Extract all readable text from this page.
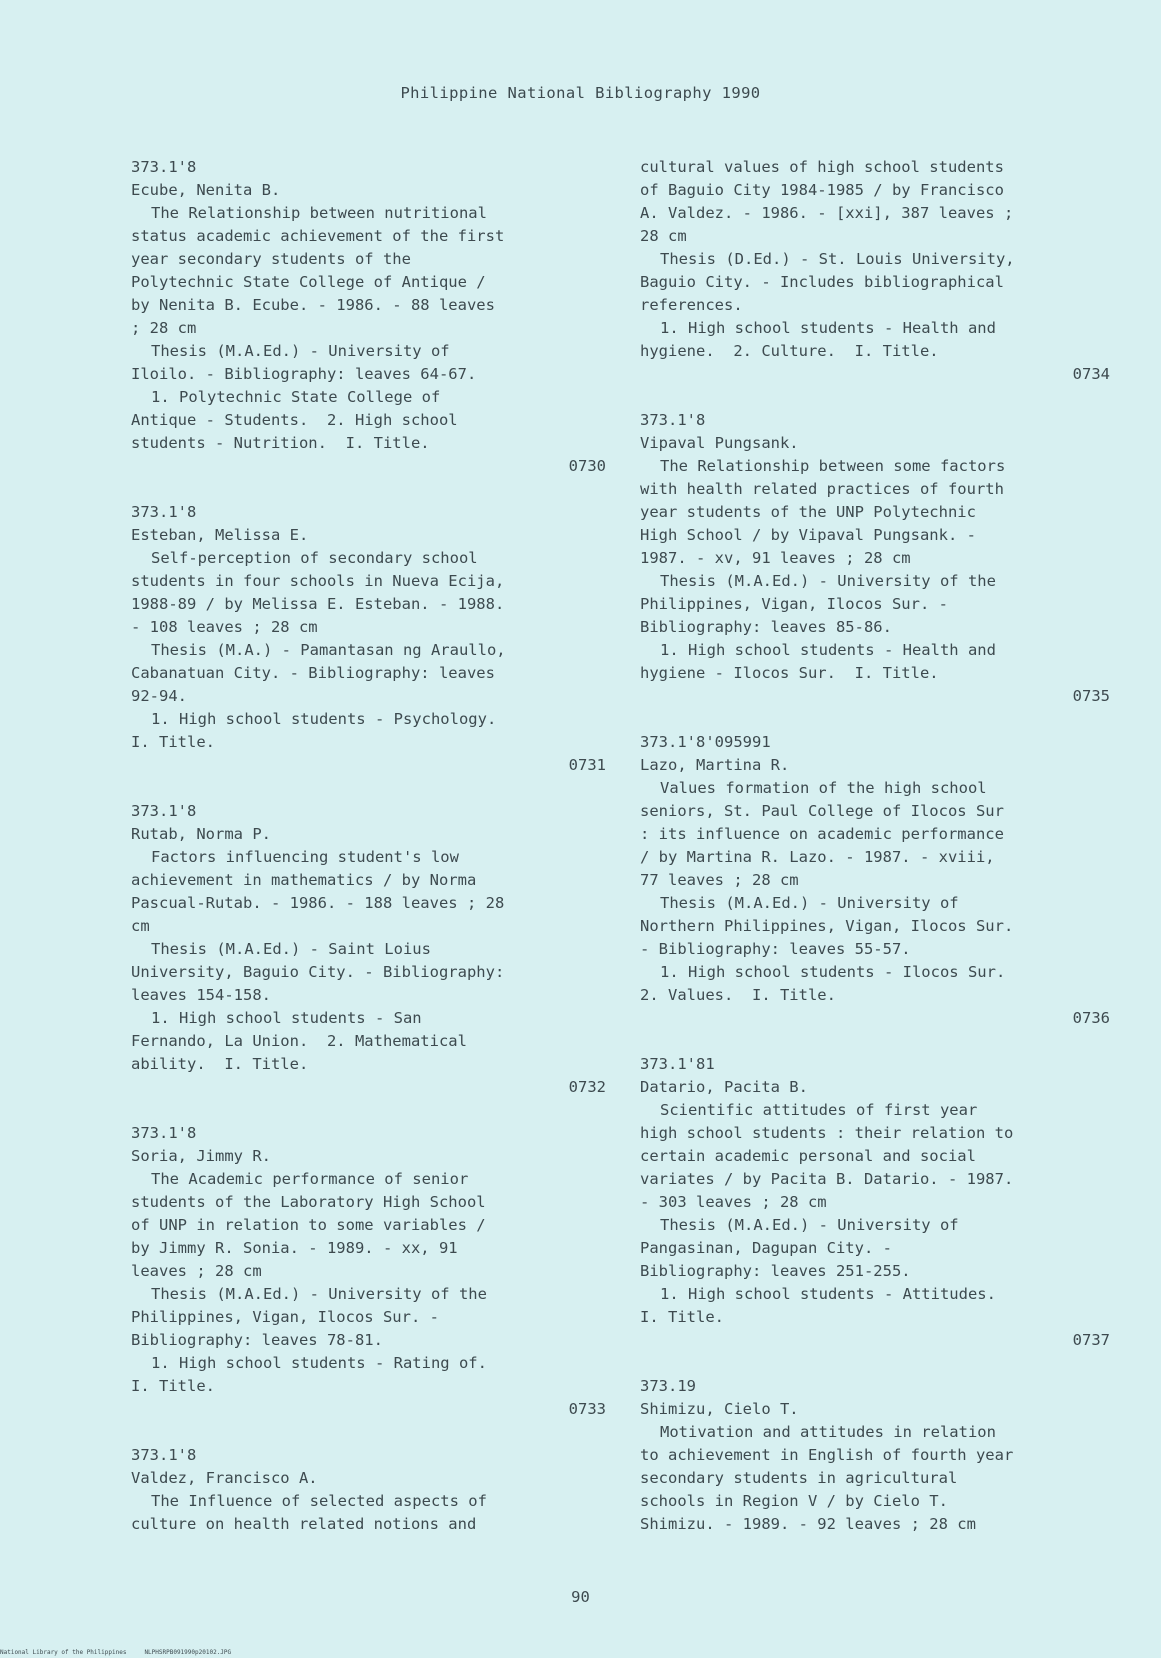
Philippine National Bibliography 1990
373.1'8
Ecube, Nenita B.
The Relationship between nutritional
status academic achievement of the first
year secondary students of the
Polytechnic State College of Antique /
by Nenita B. Ecube. - 1986. - 88 leaves
; 28 cm
Thesis (M.A.Ed.) - University of
Iloilo. - Bibliography: leaves 64-67.
1. Polytechnic State College of
Antique - Students.  2. High school
students - Nutrition.  I. Title.
0730
373.1'8
Esteban, Melissa E.
Self-perception of secondary school
students in four schools in Nueva Ecija,
1988-89 / by Melissa E. Esteban. - 1988.
- 108 leaves ; 28 cm
Thesis (M.A.) - Pamantasan ng Araullo,
Cabanatuan City. - Bibliography: leaves
92-94.
1. High school students - Psychology.
I. Title.
0731
373.1'8
Rutab, Norma P.
Factors influencing student's low
achievement in mathematics / by Norma
Pascual-Rutab. - 1986. - 188 leaves ; 28
cm
Thesis (M.A.Ed.) - Saint Loius
University, Baguio City. - Bibliography:
leaves 154-158.
1. High school students - San
Fernando, La Union.  2. Mathematical
ability.  I. Title.
0732
373.1'8
Soria, Jimmy R.
The Academic performance of senior
students of the Laboratory High School
of UNP in relation to some variables /
by Jimmy R. Sonia. - 1989. - xx, 91
leaves ; 28 cm
Thesis (M.A.Ed.) - University of the
Philippines, Vigan, Ilocos Sur. -
Bibliography: leaves 78-81.
1. High school students - Rating of.
I. Title.
0733
373.1'8
Valdez, Francisco A.
The Influence of selected aspects of
culture on health related notions and
cultural values of high school students
of Baguio City 1984-1985 / by Francisco
A. Valdez. - 1986. - [xxi], 387 leaves ;
28 cm
Thesis (D.Ed.) - St. Louis University,
Baguio City. - Includes bibliographical
references.
1. High school students - Health and
hygiene.  2. Culture.  I. Title.
0734
373.1'8
Vipaval Pungsank.
The Relationship between some factors
with health related practices of fourth
year students of the UNP Polytechnic
High School / by Vipaval Pungsank. -
1987. - xv, 91 leaves ; 28 cm
Thesis (M.A.Ed.) - University of the
Philippines, Vigan, Ilocos Sur. -
Bibliography: leaves 85-86.
1. High school students - Health and
hygiene - Ilocos Sur.  I. Title.
0735
373.1'8'095991
Lazo, Martina R.
Values formation of the high school
seniors, St. Paul College of Ilocos Sur
: its influence on academic performance
/ by Martina R. Lazo. - 1987. - xviii,
77 leaves ; 28 cm
Thesis (M.A.Ed.) - University of
Northern Philippines, Vigan, Ilocos Sur.
- Bibliography: leaves 55-57.
1. High school students - Ilocos Sur.
2. Values.  I. Title.
0736
373.1'81
Datario, Pacita B.
Scientific attitudes of first year
high school students : their relation to
certain academic personal and social
variates / by Pacita B. Datario. - 1987.
- 303 leaves ; 28 cm
Thesis (M.A.Ed.) - University of
Pangasinan, Dagupan City. -
Bibliography: leaves 251-255.
1. High school students - Attitudes.
I. Title.
0737
373.19
Shimizu, Cielo T.
Motivation and attitudes in relation
to achievement in English of fourth year
secondary students in agricultural
schools in Region V / by Cielo T.
Shimizu. - 1989. - 92 leaves ; 28 cm
90
National Library of the Philippines	NLPHSRPB091990p20102.JPG
